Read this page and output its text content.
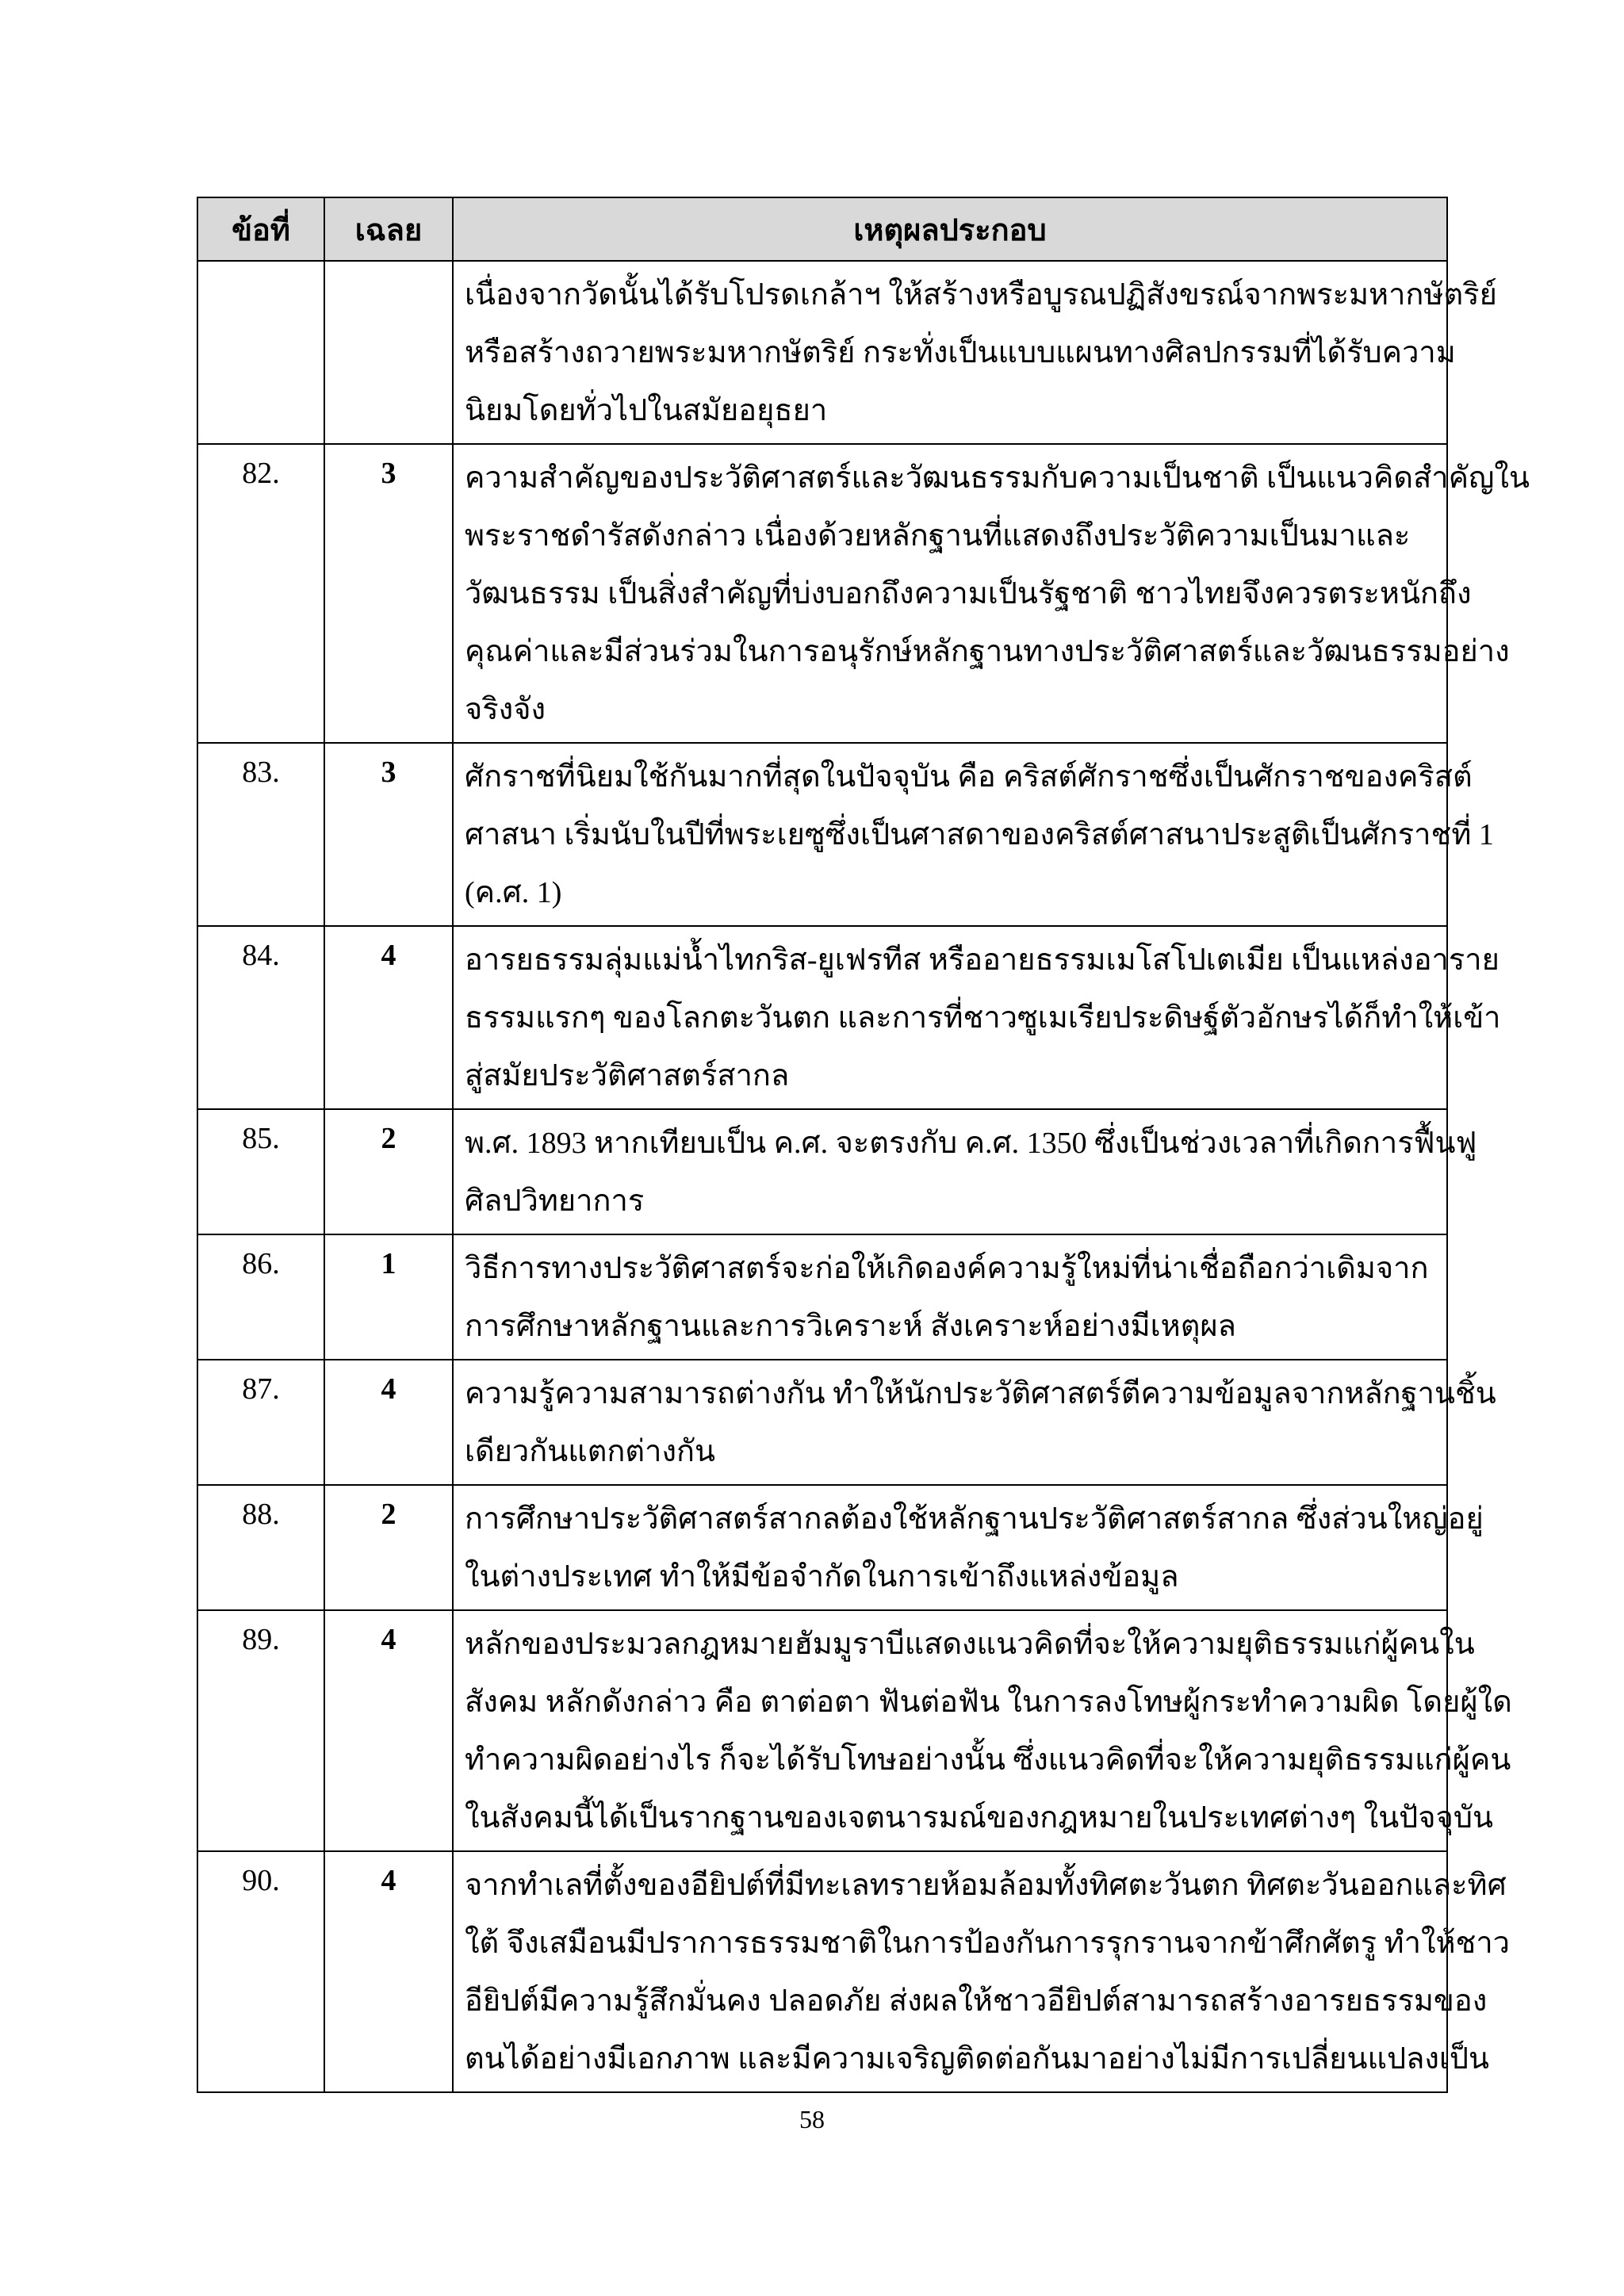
ข้อที่	เฉลย	เหตุผลประกอบ

		เนื่องจากวัดนั้นได้รับโปรดเกล้าฯ ให้สร้างหรือบูรณปฏิสังขรณ์จากพระมหากษัตริย์
หรือสร้างถวายพระมหากษัตริย์ กระทั่งเป็นแบบแผนทางศิลปกรรมที่ได้รับความ
นิยมโดยทั่วไปในสมัยอยุธยา

82.	3	ความสำคัญของประวัติศาสตร์และวัฒนธรรมกับความเป็นชาติ เป็นแนวคิดสำคัญใน
พระราชดำรัสดังกล่าว เนื่องด้วยหลักฐานที่แสดงถึงประวัติความเป็นมาและ
วัฒนธรรม เป็นสิ่งสำคัญที่บ่งบอกถึงความเป็นรัฐชาติ ชาวไทยจึงควรตระหนักถึง
คุณค่าและมีส่วนร่วมในการอนุรักษ์หลักฐานทางประวัติศาสตร์และวัฒนธรรมอย่าง
จริงจัง

83.	3	ศักราชที่นิยมใช้กันมากที่สุดในปัจจุบัน คือ คริสต์ศักราชซึ่งเป็นศักราชของคริสต์
ศาสนา เริ่มนับในปีที่พระเยซูซึ่งเป็นศาสดาของคริสต์ศาสนาประสูติเป็นศักราชที่ 1
(ค.ศ. 1)

84.	4	อารยธรรมลุ่มแม่น้ำไทกริส-ยูเฟรทีส หรืออายธรรมเมโสโปเตเมีย เป็นแหล่งอาราย
ธรรมแรกๆ ของโลกตะวันตก และการที่ชาวซูเมเรียประดิษฐ์ตัวอักษรได้ก็ทำให้เข้า
สู่สมัยประวัติศาสตร์สากล

85.	2	พ.ศ. 1893 หากเทียบเป็น ค.ศ. จะตรงกับ ค.ศ. 1350 ซึ่งเป็นช่วงเวลาที่เกิดการฟื้นฟู
ศิลปวิทยาการ

86.	1	วิธีการทางประวัติศาสตร์จะก่อให้เกิดองค์ความรู้ใหม่ที่น่าเชื่อถือกว่าเดิมจาก
การศึกษาหลักฐานและการวิเคราะห์ สังเคราะห์อย่างมีเหตุผล

87.	4	ความรู้ความสามารถต่างกัน ทำให้นักประวัติศาสตร์ตีความข้อมูลจากหลักฐานชิ้น
เดียวกันแตกต่างกัน

88.	2	การศึกษาประวัติศาสตร์สากลต้องใช้หลักฐานประวัติศาสตร์สากล ซึ่งส่วนใหญ่อยู่
ในต่างประเทศ ทำให้มีข้อจำกัดในการเข้าถึงแหล่งข้อมูล

89.	4	หลักของประมวลกฎหมายฮัมมูราบีแสดงแนวคิดที่จะให้ความยุติธรรมแก่ผู้คนใน
สังคม หลักดังกล่าว คือ ตาต่อตา ฟันต่อฟัน ในการลงโทษผู้กระทำความผิด โดยผู้ใด
ทำความผิดอย่างไร ก็จะได้รับโทษอย่างนั้น ซึ่งแนวคิดที่จะให้ความยุติธรรมแก่ผู้คน
ในสังคมนี้ได้เป็นรากฐานของเจตนารมณ์ของกฎหมายในประเทศต่างๆ ในปัจจุบัน

90.	4	จากทำเลที่ตั้งของอียิปต์ที่มีทะเลทรายห้อมล้อมทั้งทิศตะวันตก ทิศตะวันออกและทิศ
ใต้ จึงเสมือนมีปราการธรรมชาติในการป้องกันการรุกรานจากข้าศึกศัตรู ทำให้ชาว
อียิปต์มีความรู้สึกมั่นคง ปลอดภัย ส่งผลให้ชาวอียิปต์สามารถสร้างอารยธรรมของ
ตนได้อย่างมีเอกภาพ และมีความเจริญติดต่อกันมาอย่างไม่มีการเปลี่ยนแปลงเป็น
58
